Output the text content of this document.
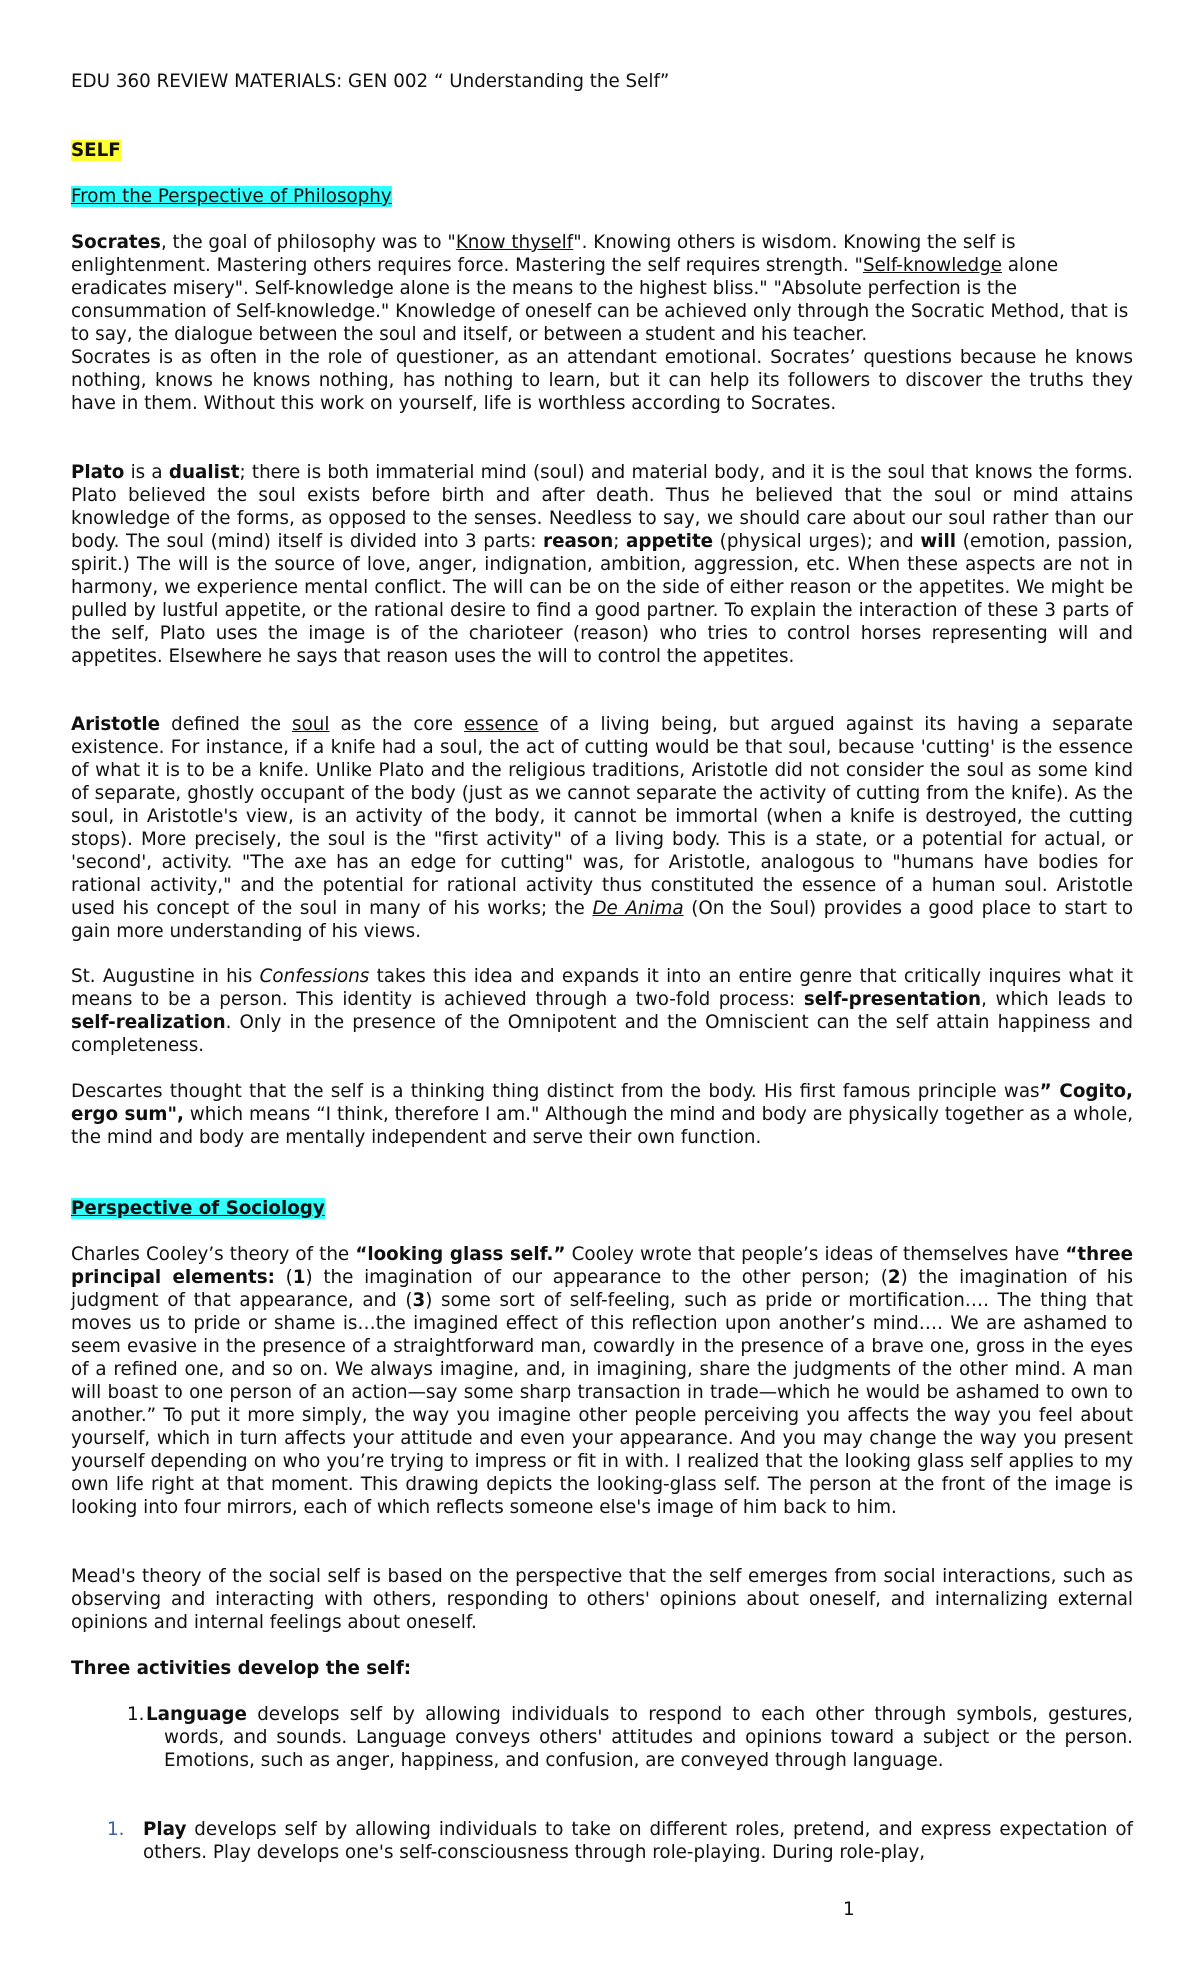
EDU 360 REVIEW MATERIALS: GEN 002 “ Understanding the Self”
SELF
From the Perspective of Philosophy

Socrates, the goal of philosophy was to "Know thyself". Knowing others is wisdom. Knowing the self is enlightenment. Mastering others requires force. Mastering the self requires strength. "Self-knowledge alone eradicates misery". Self-knowledge alone is the means to the highest bliss." "Absolute perfection is the consummation of Self-knowledge." Knowledge of oneself can be achieved only through the Socratic Method, that is to say, the dialogue between the soul and itself, or between a student and his teacher.

Socrates is as often in the role of questioner, as an attendant emotional. Socrates’ questions because he knows nothing, knows he knows nothing, has nothing to learn, but it can help its followers to discover the truths they have in them. Without this work on yourself, life is worthless according to Socrates.

Plato is a dualist; there is both immaterial mind (soul) and material body, and it is the soul that knows the forms. Plato believed the soul exists before birth and after death. Thus he believed that the soul or mind attains knowledge of the forms, as opposed to the senses. Needless to say, we should care about our soul rather than our body. The soul (mind) itself is divided into 3 parts: reason; appetite (physical urges); and will (emotion, passion, spirit.) The will is the source of love, anger, indignation, ambition, aggression, etc. When these aspects are not in harmony, we experience mental conflict. The will can be on the side of either reason or the appetites. We might be pulled by lustful appetite, or the rational desire to find a good partner. To explain the interaction of these 3 parts of the self, Plato uses the image is of the charioteer (reason) who tries to control horses representing will and appetites. Elsewhere he says that reason uses the will to control the appetites.

Aristotle defined the soul as the core essence of a living being, but argued against its having a separate existence. For instance, if a knife had a soul, the act of cutting would be that soul, because 'cutting' is the essence of what it is to be a knife. Unlike Plato and the religious traditions, Aristotle did not consider the soul as some kind of separate, ghostly occupant of the body (just as we cannot separate the activity of cutting from the knife). As the soul, in Aristotle's view, is an activity of the body, it cannot be immortal (when a knife is destroyed, the cutting stops). More precisely, the soul is the "first activity" of a living body. This is a state, or a potential for actual, or 'second', activity. "The axe has an edge for cutting" was, for Aristotle, analogous to "humans have bodies for rational activity," and the potential for rational activity thus constituted the essence of a human soul. Aristotle used his concept of the soul in many of his works; the De Anima (On the Soul) provides a good place to start to gain more understanding of his views.

St. Augustine in his Confessions takes this idea and expands it into an entire genre that critically inquires what it means to be a person. This identity is achieved through a two-fold process: self-presentation, which leads to self-realization. Only in the presence of the Omnipotent and the Omniscient can the self attain happiness and completeness.

Descartes thought that the self is a thinking thing distinct from the body. His first famous principle was” Cogito, ergo sum", which means “I think, therefore I am." Although the mind and body are physically together as a whole, the mind and body are mentally independent and serve their own function.

Perspective of Sociology

Charles Cooley’s theory of the “looking glass self.” Cooley wrote that people’s ideas of themselves have “three principal elements: (1) the imagination of our appearance to the other person; (2) the imagination of his judgment of that appearance, and (3) some sort of self-feeling, such as pride or mortification…. The thing that moves us to pride or shame is…the imagined effect of this reflection upon another’s mind…. We are ashamed to seem evasive in the presence of a straightforward man, cowardly in the presence of a brave one, gross in the eyes of a refined one, and so on. We always imagine, and, in imagining, share the judgments of the other mind. A man will boast to one person of an action—say some sharp transaction in trade—which he would be ashamed to own to another.” To put it more simply, the way you imagine other people perceiving you affects the way you feel about yourself, which in turn affects your attitude and even your appearance. And you may change the way you present yourself depending on who you’re trying to impress or fit in with. I realized that the looking glass self applies to my own life right at that moment. This drawing depicts the looking-glass self. The person at the front of the image is looking into four mirrors, each of which reflects someone else's image of him back to him.

Mead's theory of the social self is based on the perspective that the self emerges from social interactions, such as observing and interacting with others, responding to others' opinions about oneself, and internalizing external opinions and internal feelings about oneself.
Three activities develop the self:

1.Language develops self by allowing individuals to respond to each other through symbols, gestures, words, and sounds. Language conveys others' attitudes and opinions toward a subject or the person. Emotions, such as anger, happiness, and confusion, are conveyed through language.

1. Play develops self by allowing individuals to take on different roles, pretend, and express expectation of others. Play develops one's self-consciousness through role-playing. During role-play,

1
